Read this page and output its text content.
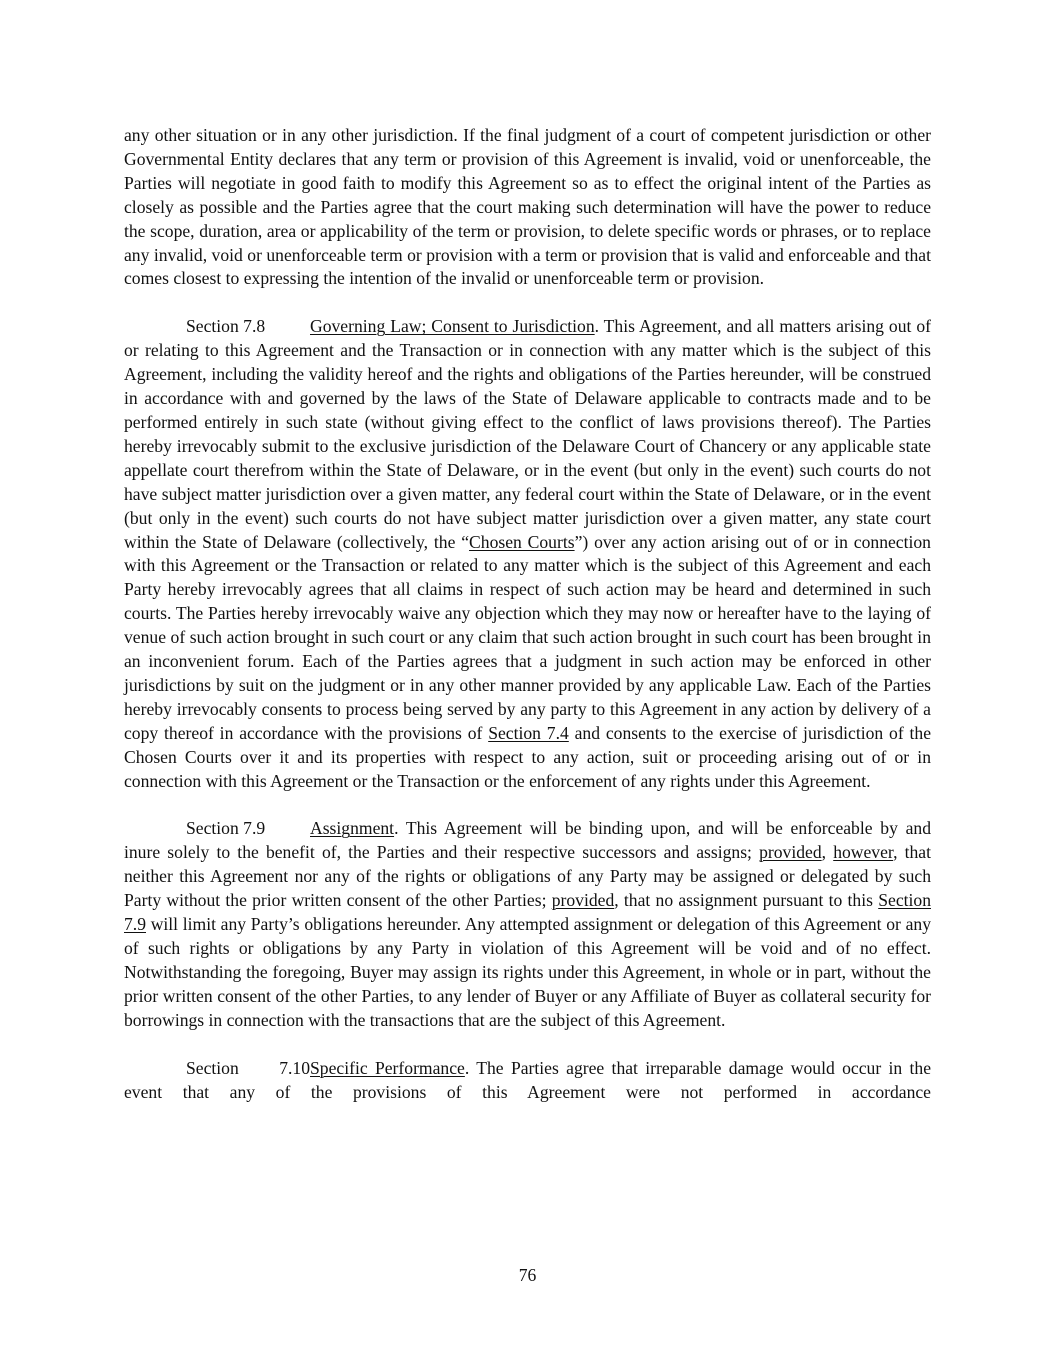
any other situation or in any other jurisdiction. If the final judgment of a court of competent jurisdiction or other Governmental Entity declares that any term or provision of this Agreement is invalid, void or unenforceable, the Parties will negotiate in good faith to modify this Agreement so as to effect the original intent of the Parties as closely as possible and the Parties agree that the court making such determination will have the power to reduce the scope, duration, area or applicability of the term or provision, to delete specific words or phrases, or to replace any invalid, void or unenforceable term or provision with a term or provision that is valid and enforceable and that comes closest to expressing the intention of the invalid or unenforceable term or provision.

Section 7.8	Governing Law; Consent to Jurisdiction. This Agreement, and all matters arising out of or relating to this Agreement and the Transaction or in connection with any matter which is the subject of this Agreement, including the validity hereof and the rights and obligations of the Parties hereunder, will be construed in accordance with and governed by the laws of the State of Delaware applicable to contracts made and to be performed entirely in such state (without giving effect to the conflict of laws provisions thereof). The Parties hereby irrevocably submit to the exclusive jurisdiction of the Delaware Court of Chancery or any applicable state appellate court therefrom within the State of Delaware, or in the event (but only in the event) such courts do not have subject matter jurisdiction over a given matter, any federal court within the State of Delaware, or in the event (but only in the event) such courts do not have subject matter jurisdiction over a given matter, any state court within the State of Delaware (collectively, the “Chosen Courts”) over any action arising out of or in connection with this Agreement or the Transaction or related to any matter which is the subject of this Agreement and each Party hereby irrevocably agrees that all claims in respect of such action may be heard and determined in such courts. The Parties hereby irrevocably waive any objection which they may now or hereafter have to the laying of venue of such action brought in such court or any claim that such action brought in such court has been brought in an inconvenient forum. Each of the Parties agrees that a judgment in such action may be enforced in other jurisdictions by suit on the judgment or in any other manner provided by any applicable Law. Each of the Parties hereby irrevocably consents to process being served by any party to this Agreement in any action by delivery of a copy thereof in accordance with the provisions of Section 7.4 and consents to the exercise of jurisdiction of the Chosen Courts over it and its properties with respect to any action, suit or proceeding arising out of or in connection with this Agreement or the Transaction or the enforcement of any rights under this Agreement.

Section 7.9	Assignment. This Agreement will be binding upon, and will be enforceable by and inure solely to the benefit of, the Parties and their respective successors and assigns; provided, however, that neither this Agreement nor any of the rights or obligations of any Party may be assigned or delegated by such Party without the prior written consent of the other Parties; provided, that no assignment pursuant to this Section 7.9 will limit any Party’s obligations hereunder. Any attempted assignment or delegation of this Agreement or any of such rights or obligations by any Party in violation of this Agreement will be void and of no effect. Notwithstanding the foregoing, Buyer may assign its rights under this Agreement, in whole or in part, without the prior written consent of the other Parties, to any lender of Buyer or any Affiliate of Buyer as collateral security for borrowings in connection with the transactions that are the subject of this Agreement.

Section 7.10Specific Performance. The Parties agree that irreparable damage would occur in the event that any of the provisions of this Agreement were not performed in accordance

76
